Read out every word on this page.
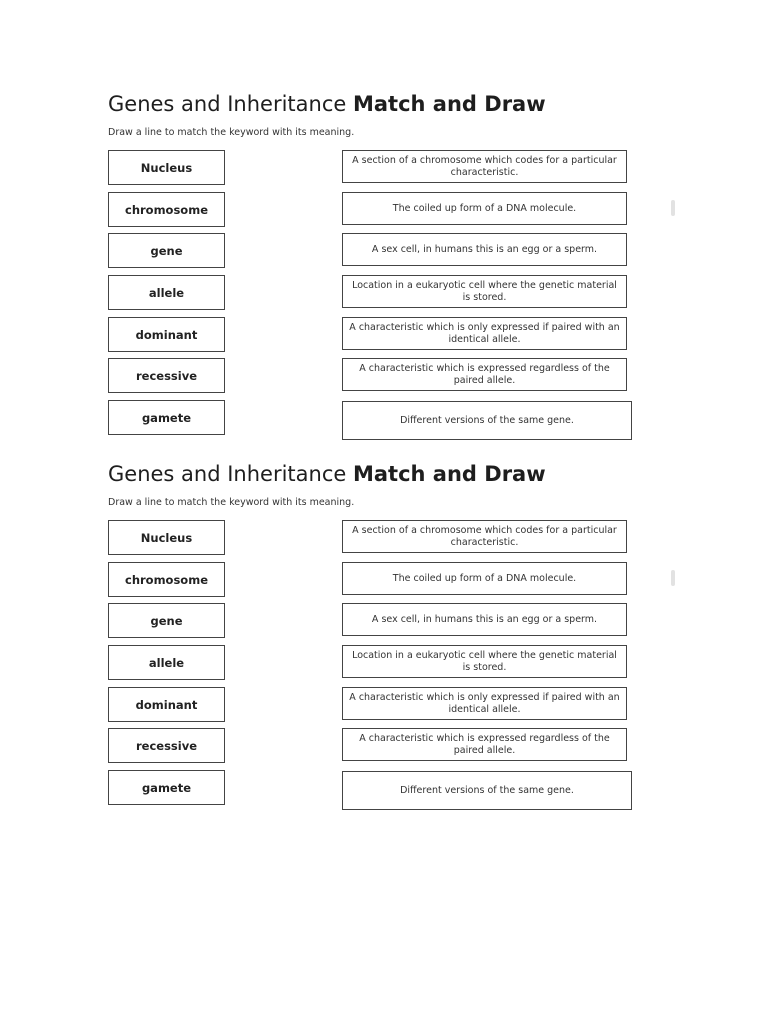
Genes and Inheritance Match and Draw
Draw a line to match the keyword with its meaning.
Nucleus
chromosome
gene
allele
dominant
recessive
gamete
A section of a chromosome which codes for a particular characteristic.
The coiled up form of a DNA molecule.
A sex cell, in humans this is an egg or a sperm.
Location in a eukaryotic cell where the genetic material is stored.
A characteristic which is only expressed if paired with an identical allele.
A characteristic which is expressed regardless of the paired allele.
Different versions of the same gene.
Genes and Inheritance Match and Draw
Draw a line to match the keyword with its meaning.
Nucleus
chromosome
gene
allele
dominant
recessive
gamete
A section of a chromosome which codes for a particular characteristic.
The coiled up form of a DNA molecule.
A sex cell, in humans this is an egg or a sperm.
Location in a eukaryotic cell where the genetic material is stored.
A characteristic which is only expressed if paired with an identical allele.
A characteristic which is expressed regardless of the paired allele.
Different versions of the same gene.
